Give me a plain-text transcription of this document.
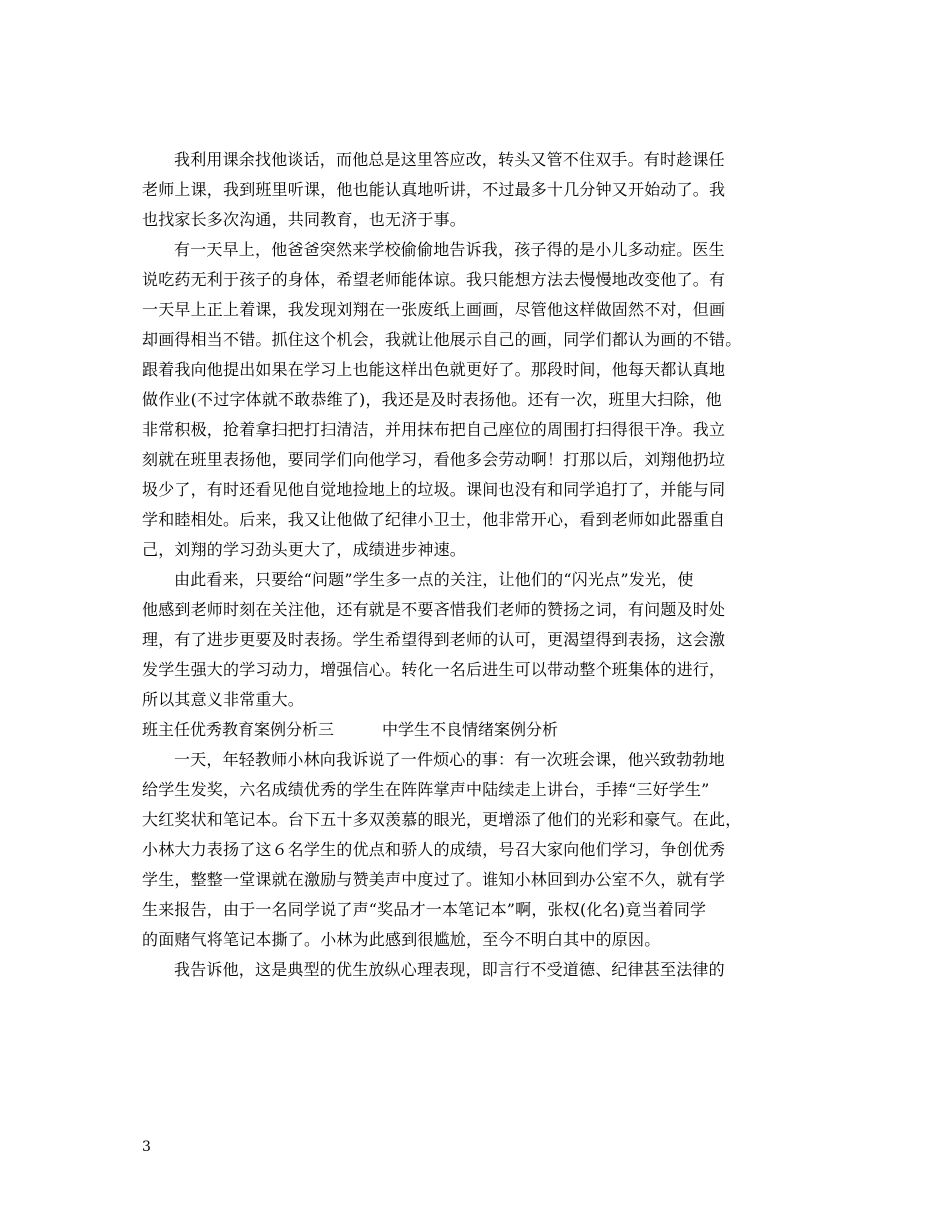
我利用课余找他谈话，而他总是这里答应改，转头又管不住双手。有时趁课任
老师上课，我到班里听课，他也能认真地听讲，不过最多十几分钟又开始动了。我
也找家长多次沟通，共同教育，也无济于事。
有一天早上，他爸爸突然来学校偷偷地告诉我，孩子得的是小儿多动症。医生
说吃药无利于孩子的身体，希望老师能体谅。我只能想方法去慢慢地改变他了。有
一天早上正上着课，我发现刘翔在一张废纸上画画，尽管他这样做固然不对，但画
却画得相当不错。抓住这个机会，我就让他展示自己的画，同学们都认为画的不错。
跟着我向他提出如果在学习上也能这样出色就更好了。那段时间，他每天都认真地
做作业(不过字体就不敢恭维了)，我还是及时表扬他。还有一次，班里大扫除，他
非常积极，抢着拿扫把打扫清洁，并用抹布把自己座位的周围打扫得很干净。我立
刻就在班里表扬他，要同学们向他学习，看他多会劳动啊！打那以后，刘翔他扔垃
圾少了，有时还看见他自觉地捡地上的垃圾。课间也没有和同学追打了，并能与同
学和睦相处。后来，我又让他做了纪律小卫士，他非常开心，看到老师如此器重自
己，刘翔的学习劲头更大了，成绩进步神速。
由此看来，只要给“问题”学生多一点的关注，让他们的“闪光点”发光，使
他感到老师时刻在关注他，还有就是不要吝惜我们老师的赞扬之词，有问题及时处
理，有了进步更要及时表扬。学生希望得到老师的认可，更渴望得到表扬，这会激
发学生强大的学习动力，增强信心。转化一名后进生可以带动整个班集体的进行，
所以其意义非常重大。
班主任优秀教育案例分析三	中学生不良情绪案例分析
一天，年轻教师小林向我诉说了一件烦心的事：有一次班会课，他兴致勃勃地
给学生发奖，六名成绩优秀的学生在阵阵掌声中陆续走上讲台，手捧“三好学生”
大红奖状和笔记本。台下五十多双羡慕的眼光，更增添了他们的光彩和豪气。在此，
小林大力表扬了这６名学生的优点和骄人的成绩，号召大家向他们学习，争创优秀
学生，整整一堂课就在激励与赞美声中度过了。谁知小林回到办公室不久，就有学
生来报告，由于一名同学说了声“奖品才一本笔记本”啊，张权(化名)竟当着同学
的面赌气将笔记本撕了。小林为此感到很尴尬，至今不明白其中的原因。
我告诉他，这是典型的优生放纵心理表现，即言行不受道德、纪律甚至法律的
3
